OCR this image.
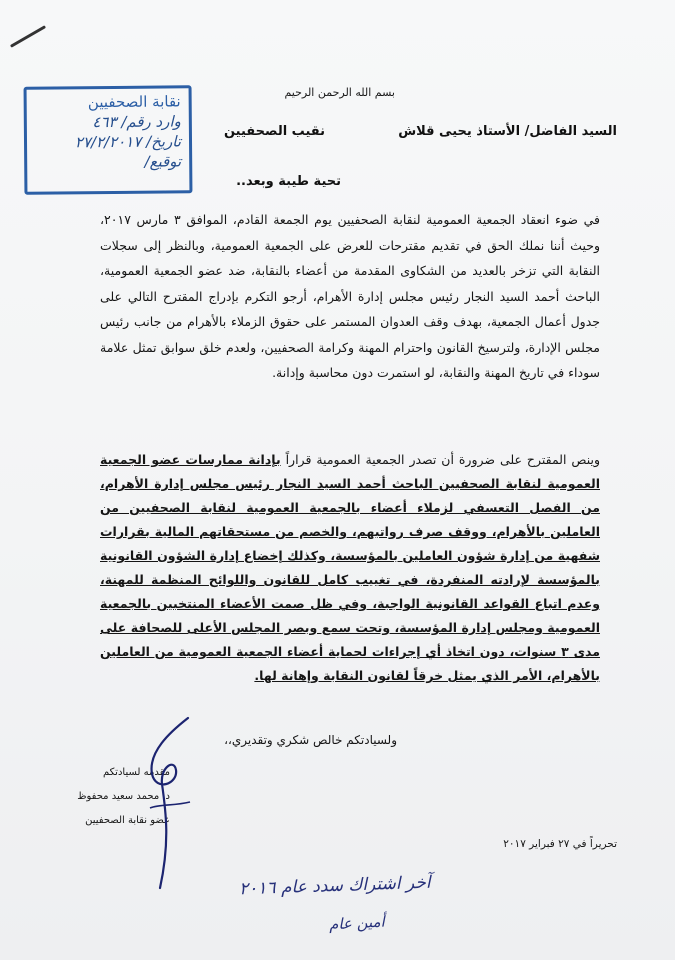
نقابة الصحفيين
وارد رقم/ ٤٦٣
تاريخ/ ٢٧/٢/٢٠١٧
توقيع/
بسم الله الرحمن الرحيم
السيد الفاضل/ الأستاذ يحيى قلاش
نقيب الصحفيين
تحية طيبة وبعد..
في ضوء انعقاد الجمعية العمومية لنقابة الصحفيين يوم الجمعة القادم، الموافق ٣ مارس ٢٠١٧، وحيث أننا نملك الحق في تقديم مقترحات للعرض على الجمعية العمومية، وبالنظر إلى سجلات النقابة التي تزخر بالعديد من الشكاوى المقدمة من أعضاء بالنقابة، ضد عضو الجمعية العمومية، الباحث أحمد السيد النجار رئيس مجلس إدارة الأهرام، أرجو التكرم بإدراج المقترح التالي على جدول أعمال الجمعية، بهدف وقف العدوان المستمر على حقوق الزملاء بالأهرام من جانب رئيس مجلس الإدارة، ولترسيخ القانون واحترام المهنة وكرامة الصحفيين، ولعدم خلق سوابق تمثل علامة سوداء في تاريخ المهنة والنقابة، لو استمرت دون محاسبة وإدانة.
وينص المقترح على ضرورة أن تصدر الجمعية العمومية قراراً بإدانة ممارسات عضو الجمعية العمومية لنقابة الصحفيين الباحث أحمد السيد النجار رئيس مجلس إدارة الأهرام، من الفصل التعسفي لزملاء أعضاء بالجمعية العمومية لنقابة الصحفيين من العاملين بالأهرام، ووقف صرف رواتبهم، والخصم من مستحقاتهم المالية بقرارات شفهية من إدارة شؤون العاملين بالمؤسسة، وكذلك إخضاع إدارة الشؤون القانونية بالمؤسسة لإرادته المنفردة، في تغييب كامل للقانون واللوائح المنظمة للمهنة، وعدم اتباع القواعد القانونية الواجبة، وفي ظل صمت الأعضاء المنتخبين بالجمعية العمومية ومجلس إدارة المؤسسة، وتحت سمع وبصر المجلس الأعلى للصحافة على مدى ٣ سنوات، دون اتخاذ أي إجراءات لحماية أعضاء الجمعية العمومية من العاملين بالأهرام، الأمر الذي يمثل خرقاً لقانون النقابة وإهانة لها.
ولسيادتكم خالص شكري وتقديري،،
مقدمه لسيادتكم
د. محمد سعيد محفوظ
عضو نقابة الصحفيين
تحريراً في ٢٧ فبراير ٢٠١٧
آخر اشتراك سدد عام ٢٠١٦
أمين عام
